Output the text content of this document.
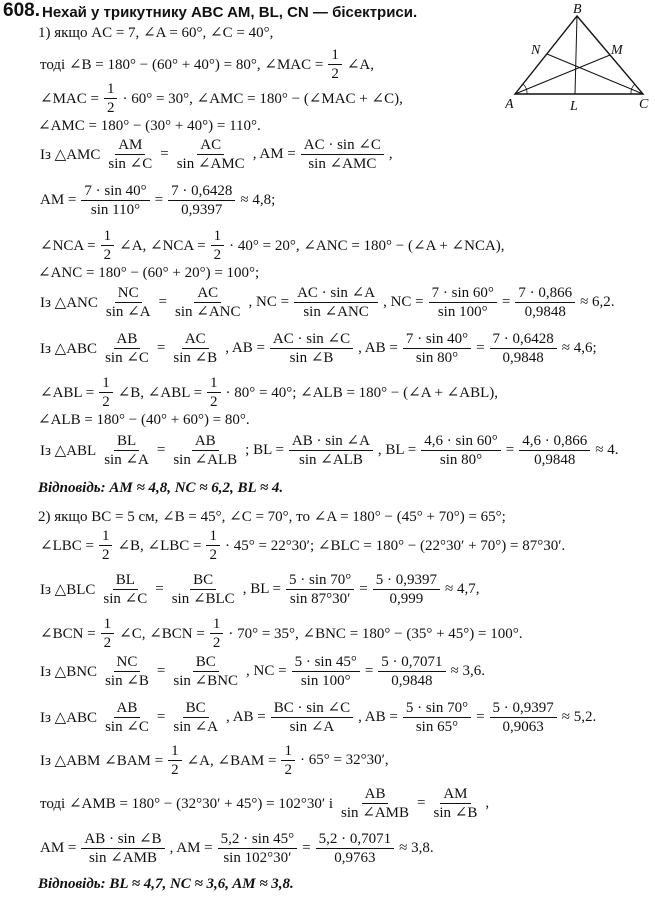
608. Нехай у трикутнику ABC AM, BL, CN — бісектриси.	B
A	C
N	M
L
1) якщо AC = 7, ∠A = 60°, ∠C = 40°,
тоді ∠B = 180° − (60° + 40°) = 80°, ∠MAC = $\frac{1}{2}$ ∠A,
∠MAC = $\frac{1}{2} \cdot 60^\circ = 30^\circ$, ∠AMC = 180° − (∠MAC + ∠C),
∠AMC = 180° − (30° + 40°) = 110°.
Із △AMC $\frac{AM}{\sin \angle C}$ =
AC
sin ∠AMC
, AM =
AC · sin ∠C
sin ∠AMC
,
AM = $\frac{7 \cdot \sin 40^\circ}{\sin 110^\circ} = \frac{7 \cdot 0,6428}{0,9397} \approx 4,8$;
∠NCA = $\frac{1}{2}$ ∠A, ∠NCA = $\frac{1}{2} \cdot 40^\circ = 20^\circ$, ∠ANC = 180° − (∠A + ∠NCA),
∠ANC = 180° − (60° + 20°) = 100°;
Із △ANC $\frac{NC}{\sin \angle A}$ =
AC
sin ∠ANC
, NC =
AC · sin ∠A
sin ∠ANC
, NC = $\frac{7 \cdot \sin 60^\circ}{\sin 100^\circ} = \frac{7 \cdot 0,866}{0,9848} \approx 6,2$.
Із △ABC $\frac{AB}{\sin \angle C} = \frac{AC}{\sin \angle B}$ , AB = $\frac{AC \cdot \sin \angle C}{\sin \angle B}$ , AB = $\frac{7 \cdot \sin 40^\circ}{\sin 80^\circ} = \frac{7 \cdot 0,6428}{0,9848} \approx 4,6$;
∠ABL = $\frac{1}{2}$ ∠B, ∠ABL = $\frac{1}{2} \cdot 80^\circ = 40^\circ$; ∠ALB = 180° − (∠A + ∠ABL),
∠ALB = 180° − (40° + 60°) = 80°.
Із △ABL $\frac{BL}{\sin \angle A}$ =
AB
sin ∠ALB
; BL =
AB · sin ∠A
sin ∠ALB
, BL = $\frac{4,6 \cdot \sin 60^\circ}{\sin 80^\circ} = \frac{4,6 \cdot 0,866}{0,9848} \approx 4$.
Відповідь: AM ≈ 4,8, NC ≈ 6,2, BL ≈ 4.
2) якщо BC = 5 см, ∠B = 45°, ∠C = 70°, то ∠A = 180° − (45° + 70°) = 65°;
∠LBC = $\frac{1}{2}$ ∠B, ∠LBC = $\frac{1}{2} \cdot 45^\circ = 22^\circ 30'$; ∠BLC = 180° − (22°30′ + 70°) = 87°30′.
Із △BLC $\frac{BL}{\sin \angle C}$ =
BC
sin ∠BLC
, BL = $\frac{5 \cdot \sin 70^\circ}{\sin 87^\circ 30'} = \frac{5 \cdot 0,9397}{0,999} \approx 4,7$,
∠BCN = $\frac{1}{2}$ ∠C, ∠BCN = $\frac{1}{2} \cdot 70^\circ = 35^\circ$, ∠BNC = 180° − (35° + 45°) = 100°.
Із △BNC $\frac{NC}{\sin \angle B}$ =
BC
sin ∠BNC
, NC = $\frac{5 \cdot \sin 45^\circ}{\sin 100^\circ} = \frac{5 \cdot 0,7071}{0,9848} \approx 3,6$.
Із △ABC $\frac{AB}{\sin \angle C} = \frac{BC}{\sin \angle A}$ , AB = $\frac{BC \cdot \sin \angle C}{\sin \angle A}$ , AB = $\frac{5 \cdot \sin 70^\circ}{\sin 65^\circ} = \frac{5 \cdot 0,9397}{0,9063} \approx 5,2$.
Із △ABM ∠BAM = $\frac{1}{2}$ ∠A, ∠BAM = $\frac{1}{2} \cdot 65^\circ = 32^\circ 30'$,
тоді ∠AMB = 180° − (32°30′ + 45°) = 102°30′ і
AB
sin ∠AMB
= $\frac{AM}{\sin \angle B}$ ,
AM =
AB · sin ∠B
sin ∠AMB
, AM = $\frac{5,2 \cdot \sin 45^\circ}{\sin 102^\circ 30'} = \frac{5,2 \cdot 0,7071}{0,9763} \approx 3,8$.
Відповідь: BL ≈ 4,7, NC ≈ 3,6, AM ≈ 3,8.
